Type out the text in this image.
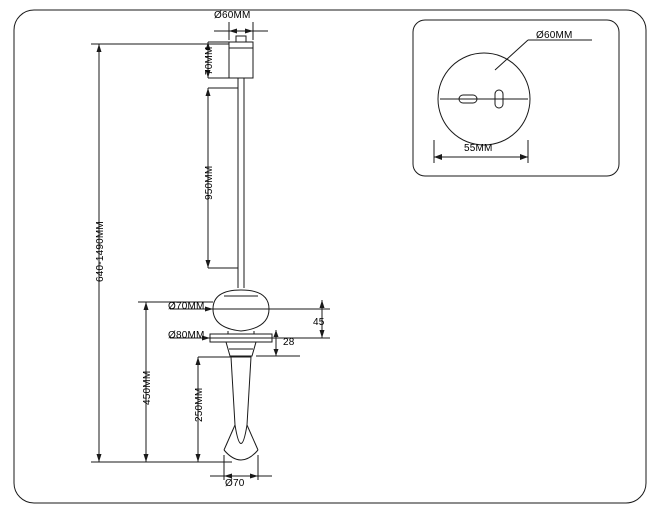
Ø60MM
70MM
950MM
640-1490MM
450MM	250MM
Ø70MM
Ø80MM
45
28
Ø70
Ø60MM
55MM
